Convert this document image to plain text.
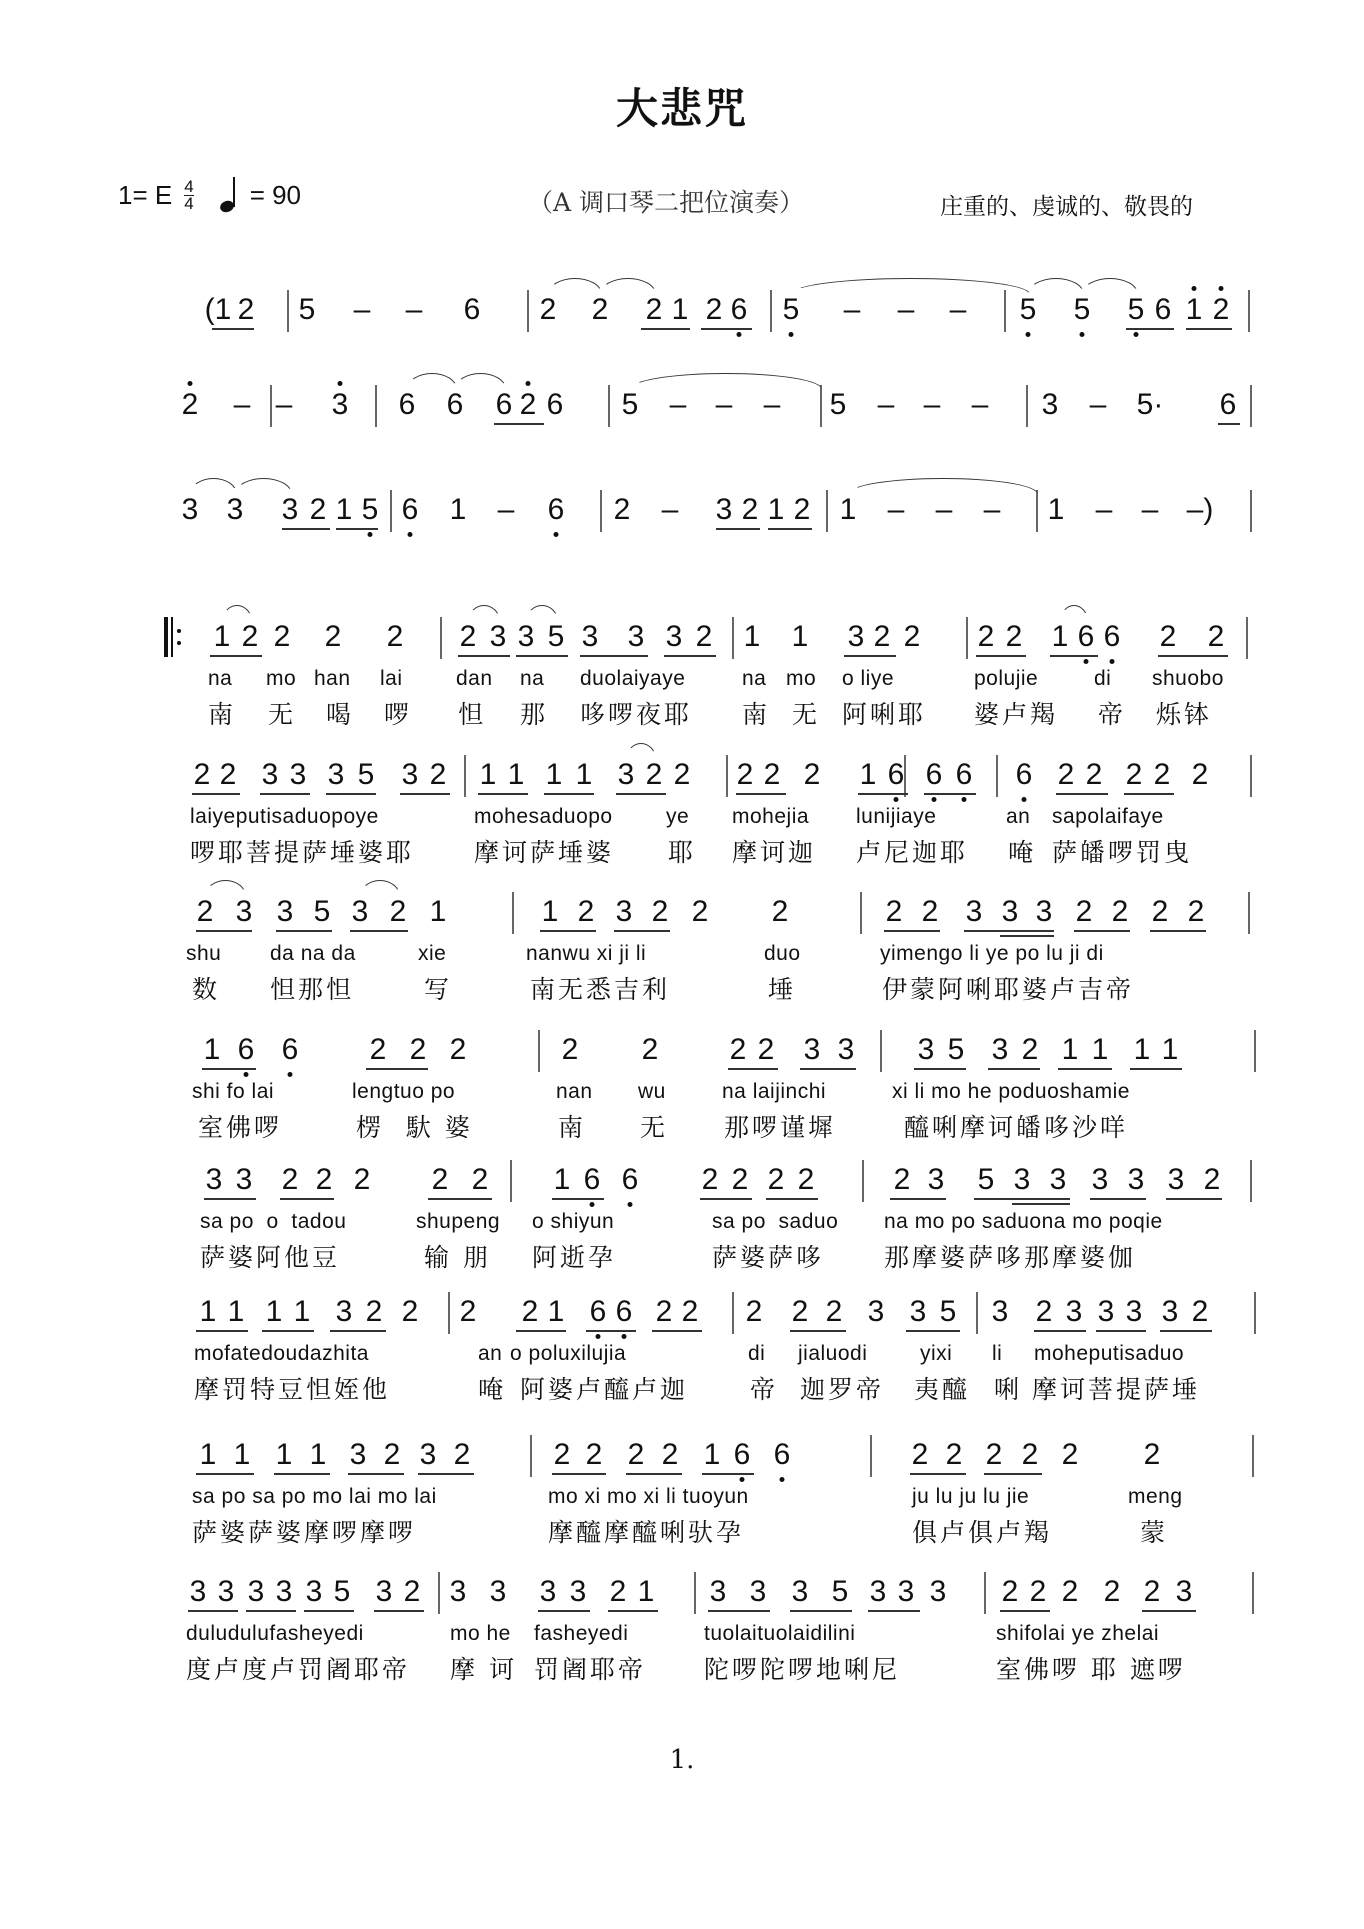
大悲咒
1= E $\frac{4}{4} = 90$	（A 调口琴二把位演奏）	庄重的、虔诚的、敬畏的
(1 2 5 – – 6 2 2 2 1 2 6 5 – – – 5 5 5 6 1 2
2 – – 3 6 6 6 2 6 5 – – – 5 – – – 3 – 5· 6
3 3 3 2 1 5 6 1 – 6 2 – 3 2 1 2 1 – – – 1 – – –)
1 2 2 2 2 2 3 3 5 3 3 3 2 1 1 3 2 2 2 2 1 6 6 2 2
na mo han lai	dan na duolaiyaye	na mo o liye	polujie	di shuobo
南 无 喝 啰 怛 那 哆啰夜耶 南 无 阿唎耶 婆卢羯 帝 烁钵
2 2 3 3 3 5 3 2 1 1 1 1 3 2 2 2 2 2 1 6 6 6 6 2 2 2 2 2
laiyeputisaduopoye	mohesaduopo	ye mohejia lunijiaye	an sapolaifaye
啰耶菩提萨埵婆耶 摩诃萨埵婆 耶 摩诃迦 卢尼迦耶 唵 萨皤啰罚曳
2 3 3 5 3 2 1	1 2 3 2 2 2	2 2 3 3 3 2 2 2 2
shu da na da	xie	nanwu xi ji li	duo	yimengo li ye po lu ji di
数 怛那怛	写	南无悉吉利	埵	伊蒙阿唎耶婆卢吉帝
1 6 6 2 2 2	2 2 2 2 3 3 3 5 3 2 1 1 1 1
shi fo lai	lengtuo po	nan wu	na laijinchi	xi li mo he poduoshamie
室佛啰	楞  馱 婆	南 无 那啰谨墀	醯唎摩诃皤哆沙咩
3 3 2 2 2 2 2 1 6 6 2 2 2 2	2 3 5 3 3 3 3 3 2
sa po  o  tadou	shupeng o shiyun	sa po  saduo na mo po saduona mo poqie
萨婆阿他豆	输 朋 阿逝孕	萨婆萨哆 那摩婆萨哆那摩婆伽
1 1 1 1 3 2 2 2 2 1 6 6 2 2 2 2 2 3 3 5 3 2 3 3 3 3 2
mofatedoudazhita	an o poluxilujia	di jialuodi	yixi li moheputisaduo
摩罚特豆怛姪他	唵 阿婆卢醯卢迦 帝 迦罗帝 夷醯 唎 摩诃菩提萨埵
1 1 1 1 3 2 3 2	2 2 2 2 1 6 6	2 2 2 2 2 2
sa po sa po mo lai mo lai	mo xi mo xi li tuoyun	ju lu ju lu jie	meng
萨婆萨婆摩啰摩啰	摩醯摩醯唎驮孕	俱卢俱卢羯	蒙
3 3 3 3 3 5 3 2 3 3 3 3 2 1 3 3 3 5 3 3 3 2 2 2 2 2 3
duludulufasheyedi	mo he fasheyedi	tuolaituolaidilini	shifolai ye zhelai
度卢度卢罚阇耶帝 摩 诃 罚阇耶帝 陀啰陀啰地唎尼	室佛啰 耶 遮啰
1.
